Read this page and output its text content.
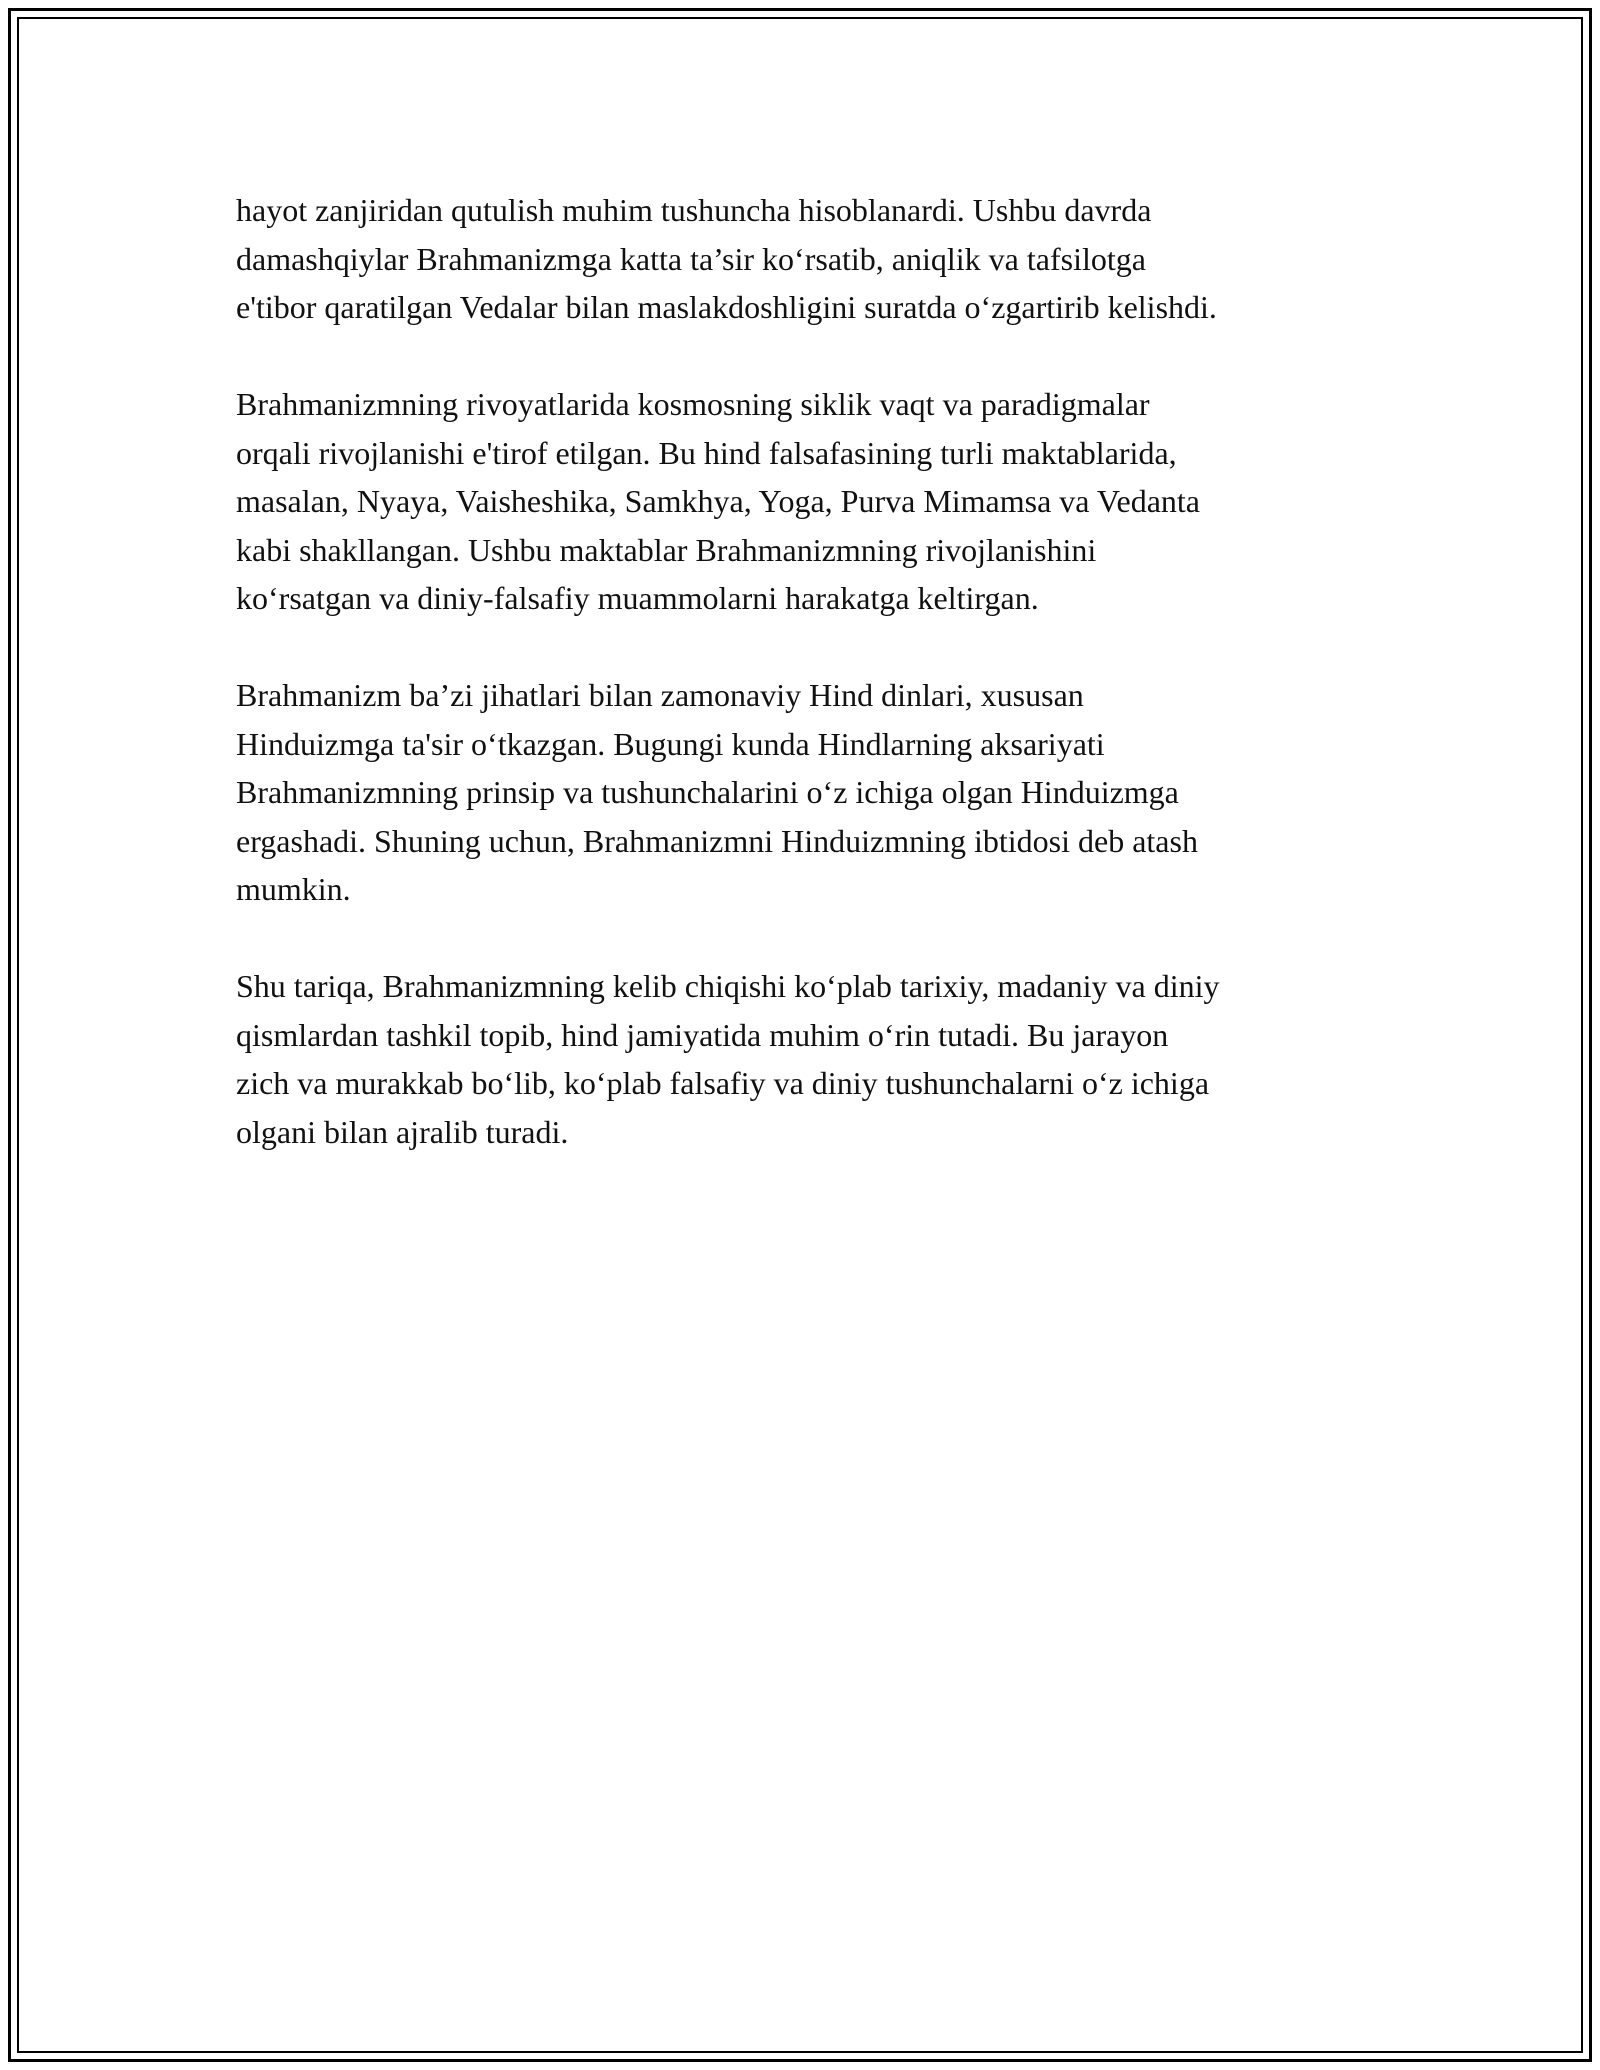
hayot zanjiridan qutulish muhim tushuncha hisoblanardi. Ushbu davrda
damashqiylar Brahmanizmga katta ta’sir ko‘rsatib, aniqlik va tafsilotga
e'tibor qaratilgan Vedalar bilan maslakdoshligini suratda o‘zgartirib kelishdi.

Brahmanizmning rivoyatlarida kosmosning siklik vaqt va paradigmalar
orqali rivojlanishi e'tirof etilgan. Bu hind falsafasining turli maktablarida,
masalan, Nyaya, Vaisheshika, Samkhya, Yoga, Purva Mimamsa va Vedanta
kabi shakllangan. Ushbu maktablar Brahmanizmning rivojlanishini
ko‘rsatgan va diniy-falsafiy muammolarni harakatga keltirgan.

Brahmanizm ba’zi jihatlari bilan zamonaviy Hind dinlari, xususan
Hinduizmga ta'sir o‘tkazgan. Bugungi kunda Hindlarning aksariyati
Brahmanizmning prinsip va tushunchalarini o‘z ichiga olgan Hinduizmga
ergashadi. Shuning uchun, Brahmanizmni Hinduizmning ibtidosi deb atash
mumkin.

Shu tariqa, Brahmanizmning kelib chiqishi ko‘plab tarixiy, madaniy va diniy
qismlardan tashkil topib, hind jamiyatida muhim o‘rin tutadi. Bu jarayon
zich va murakkab bo‘lib, ko‘plab falsafiy va diniy tushunchalarni o‘z ichiga
olgani bilan ajralib turadi.
